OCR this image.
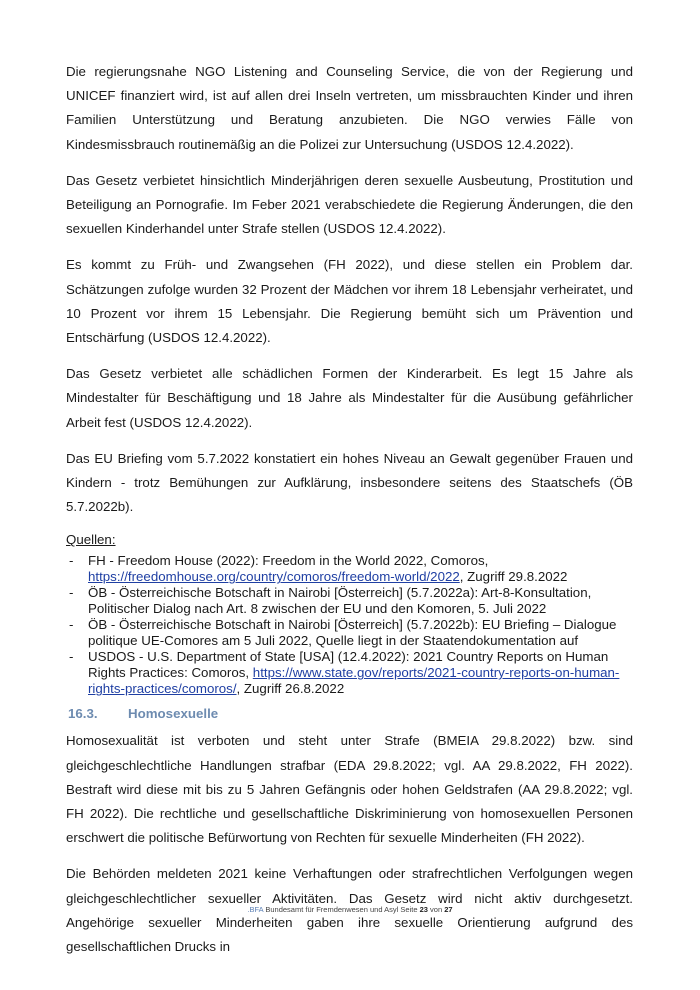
Die regierungsnahe NGO Listening and Counseling Service, die von der Regierung und UNICEF finanziert wird, ist auf allen drei Inseln vertreten, um missbrauchten Kinder und ihren Familien Unterstützung und Beratung anzubieten. Die NGO verwies Fälle von Kindesmissbrauch routinemäßig an die Polizei zur Untersuchung (USDOS 12.4.2022).

Das Gesetz verbietet hinsichtlich Minderjährigen deren sexuelle Ausbeutung, Prostitution und Beteiligung an Pornografie. Im Feber 2021 verabschiedete die Regierung Änderungen, die den sexuellen Kinderhandel unter Strafe stellen (USDOS 12.4.2022).

Es kommt zu Früh- und Zwangsehen (FH 2022), und diese stellen ein Problem dar. Schätzungen zufolge wurden 32 Prozent der Mädchen vor ihrem 18 Lebensjahr verheiratet, und 10 Prozent vor ihrem 15 Lebensjahr. Die Regierung bemüht sich um Prävention und Entschärfung (USDOS 12.4.2022).

Das Gesetz verbietet alle schädlichen Formen der Kinderarbeit. Es legt 15 Jahre als Mindestalter für Beschäftigung und 18 Jahre als Mindestalter für die Ausübung gefährlicher Arbeit fest (USDOS 12.4.2022).

Das EU Briefing vom 5.7.2022 konstatiert ein hohes Niveau an Gewalt gegenüber Frauen und Kindern - trotz Bemühungen zur Aufklärung, insbesondere seitens des Staatschefs (ÖB 5.7.2022b).

Quellen:
- FH - Freedom House (2022): Freedom in the World 2022, Comoros, https://freedomhouse.org/country/comoros/freedom-world/2022, Zugriff 29.8.2022
- ÖB - Österreichische Botschaft in Nairobi [Österreich] (5.7.2022a): Art-8-Konsultation, Politischer Dialog nach Art. 8 zwischen der EU und den Komoren, 5. Juli 2022
- ÖB - Österreichische Botschaft in Nairobi [Österreich] (5.7.2022b): EU Briefing – Dialogue politique UE-Comores am 5 Juli 2022, Quelle liegt in der Staatendokumentation auf
- USDOS - U.S. Department of State [USA] (12.4.2022): 2021 Country Reports on Human Rights Practices: Comoros, https://www.state.gov/reports/2021-country-reports-on-human-rights-practices/comoros/, Zugriff 26.8.2022
16.3.	Homosexuelle

Homosexualität ist verboten und steht unter Strafe (BMEIA 29.8.2022) bzw. sind gleichgeschlechtliche Handlungen strafbar (EDA 29.8.2022; vgl. AA 29.8.2022, FH 2022). Bestraft wird diese mit bis zu 5 Jahren Gefängnis oder hohen Geldstrafen (AA 29.8.2022; vgl. FH 2022). Die rechtliche und gesellschaftliche Diskriminierung von homosexuellen Personen erschwert die politische Befürwortung von Rechten für sexuelle Minderheiten (FH 2022).

Die Behörden meldeten 2021 keine Verhaftungen oder strafrechtlichen Verfolgungen wegen gleichgeschlechtlicher sexueller Aktivitäten. Das Gesetz wird nicht aktiv durchgesetzt. Angehörige sexueller Minderheiten gaben ihre sexuelle Orientierung aufgrund des gesellschaftlichen Drucks in

.BFA Bundesamt für Fremdenwesen und Asyl Seite 23 von 27
